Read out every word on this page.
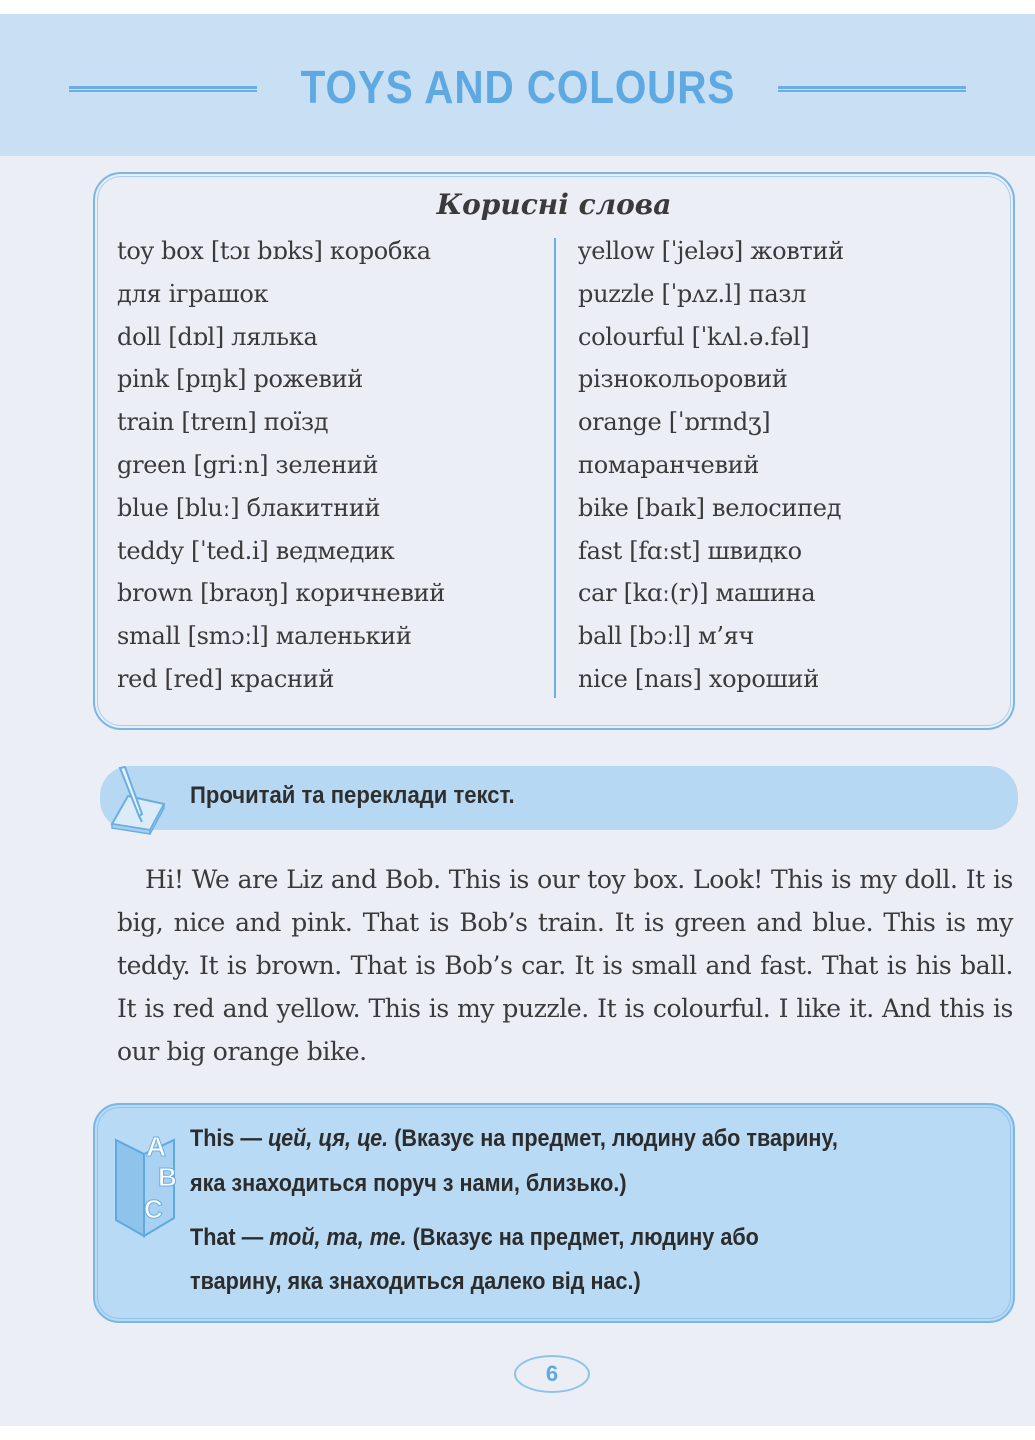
TOYS AND COLOURS
Корисні слова
toy box [tɔɪ bɒks] коробка
для іграшок
doll [dɒl] лялька
pink [pɪŋk] рожевий
train [treɪn] поїзд
green [griːn] зелений
blue [bluː] блакитний
teddy [ˈted.i] ведмедик
brown [braʊŋ] коричневий
small [smɔːl] маленький
red [red] красний
yellow [ˈjeləʊ] жовтий
puzzle [ˈpʌz.l] пазл
colourful [ˈkʌl.ə.fəl]
різнокольоровий
orange [ˈɒrɪndʒ]
помаранчевий
bike [baɪk] велосипед
fast [fɑːst] швидко
car [kɑː(r)] машина
ball [bɔːl] м’яч
nice [naɪs] хороший
Прочитай та переклади текст.

Hi! We are Liz and Bob. This is our toy box. Look! This is my doll. It is big, nice and pink. That is Bob’s train. It is green and blue. This is my teddy. It is brown. That is Bob’s car. It is small and fast. That is his ball. It is red and yellow. This is my puzzle. It is colourful. I like it. And this is our big orange bike.

A
B
C
This — цей, ця, це. (Вказує на предмет, людину або тварину,
яка знаходиться поруч з нами, близько.)
That — той, та, те. (Вказує на предмет, людину або
тварину, яка знаходиться далеко від нас.)
6
